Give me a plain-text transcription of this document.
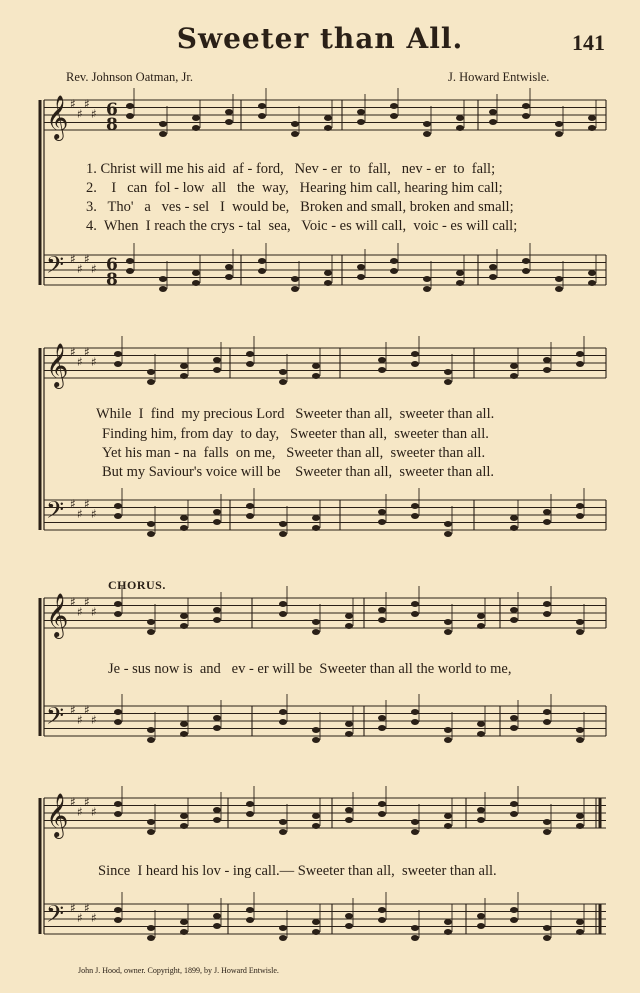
Sweeter than All.	141
Rev. Johnson Oatman, Jr.	J. Howard Entwisle.
𝄞
𝄢
♯
♯
♯
♯
♯
♯
♯
♯
6
8
6
8
𝄞
𝄢
♯
♯
♯
♯
♯
♯
♯
♯
𝄞
𝄢
♯
♯
♯
♯
♯
♯
♯
♯
𝄞
𝄢
♯
♯
♯
♯
♯
♯
♯
♯
1. Christ will me his aid  af - ford,   Nev - er  to  fall,   nev - er  to  fall;
2.    I   can  fol - low  all   the  way,   Hearing him call, hearing him call;
3.   Tho'   a   ves - sel   I  would be,   Broken and small, broken and small;
4.  When  I reach the crys - tal  sea,   Voic - es will call,  voic - es will call;
While  I  find  my precious Lord   Sweeter than all,  sweeter than all.
Finding him, from day  to day,   Sweeter than all,  sweeter than all.
Yet his man - na  falls  on me,   Sweeter than all,  sweeter than all.
But my Saviour's voice will be    Sweeter than all,  sweeter than all.
CHORUS.
Je - sus now is  and   ev - er will be  Sweeter than all the world to me,
Since  I heard his lov - ing call.— Sweeter than all,  sweeter than all.
John J. Hood, owner. Copyright, 1899, by J. Howard Entwisle.
